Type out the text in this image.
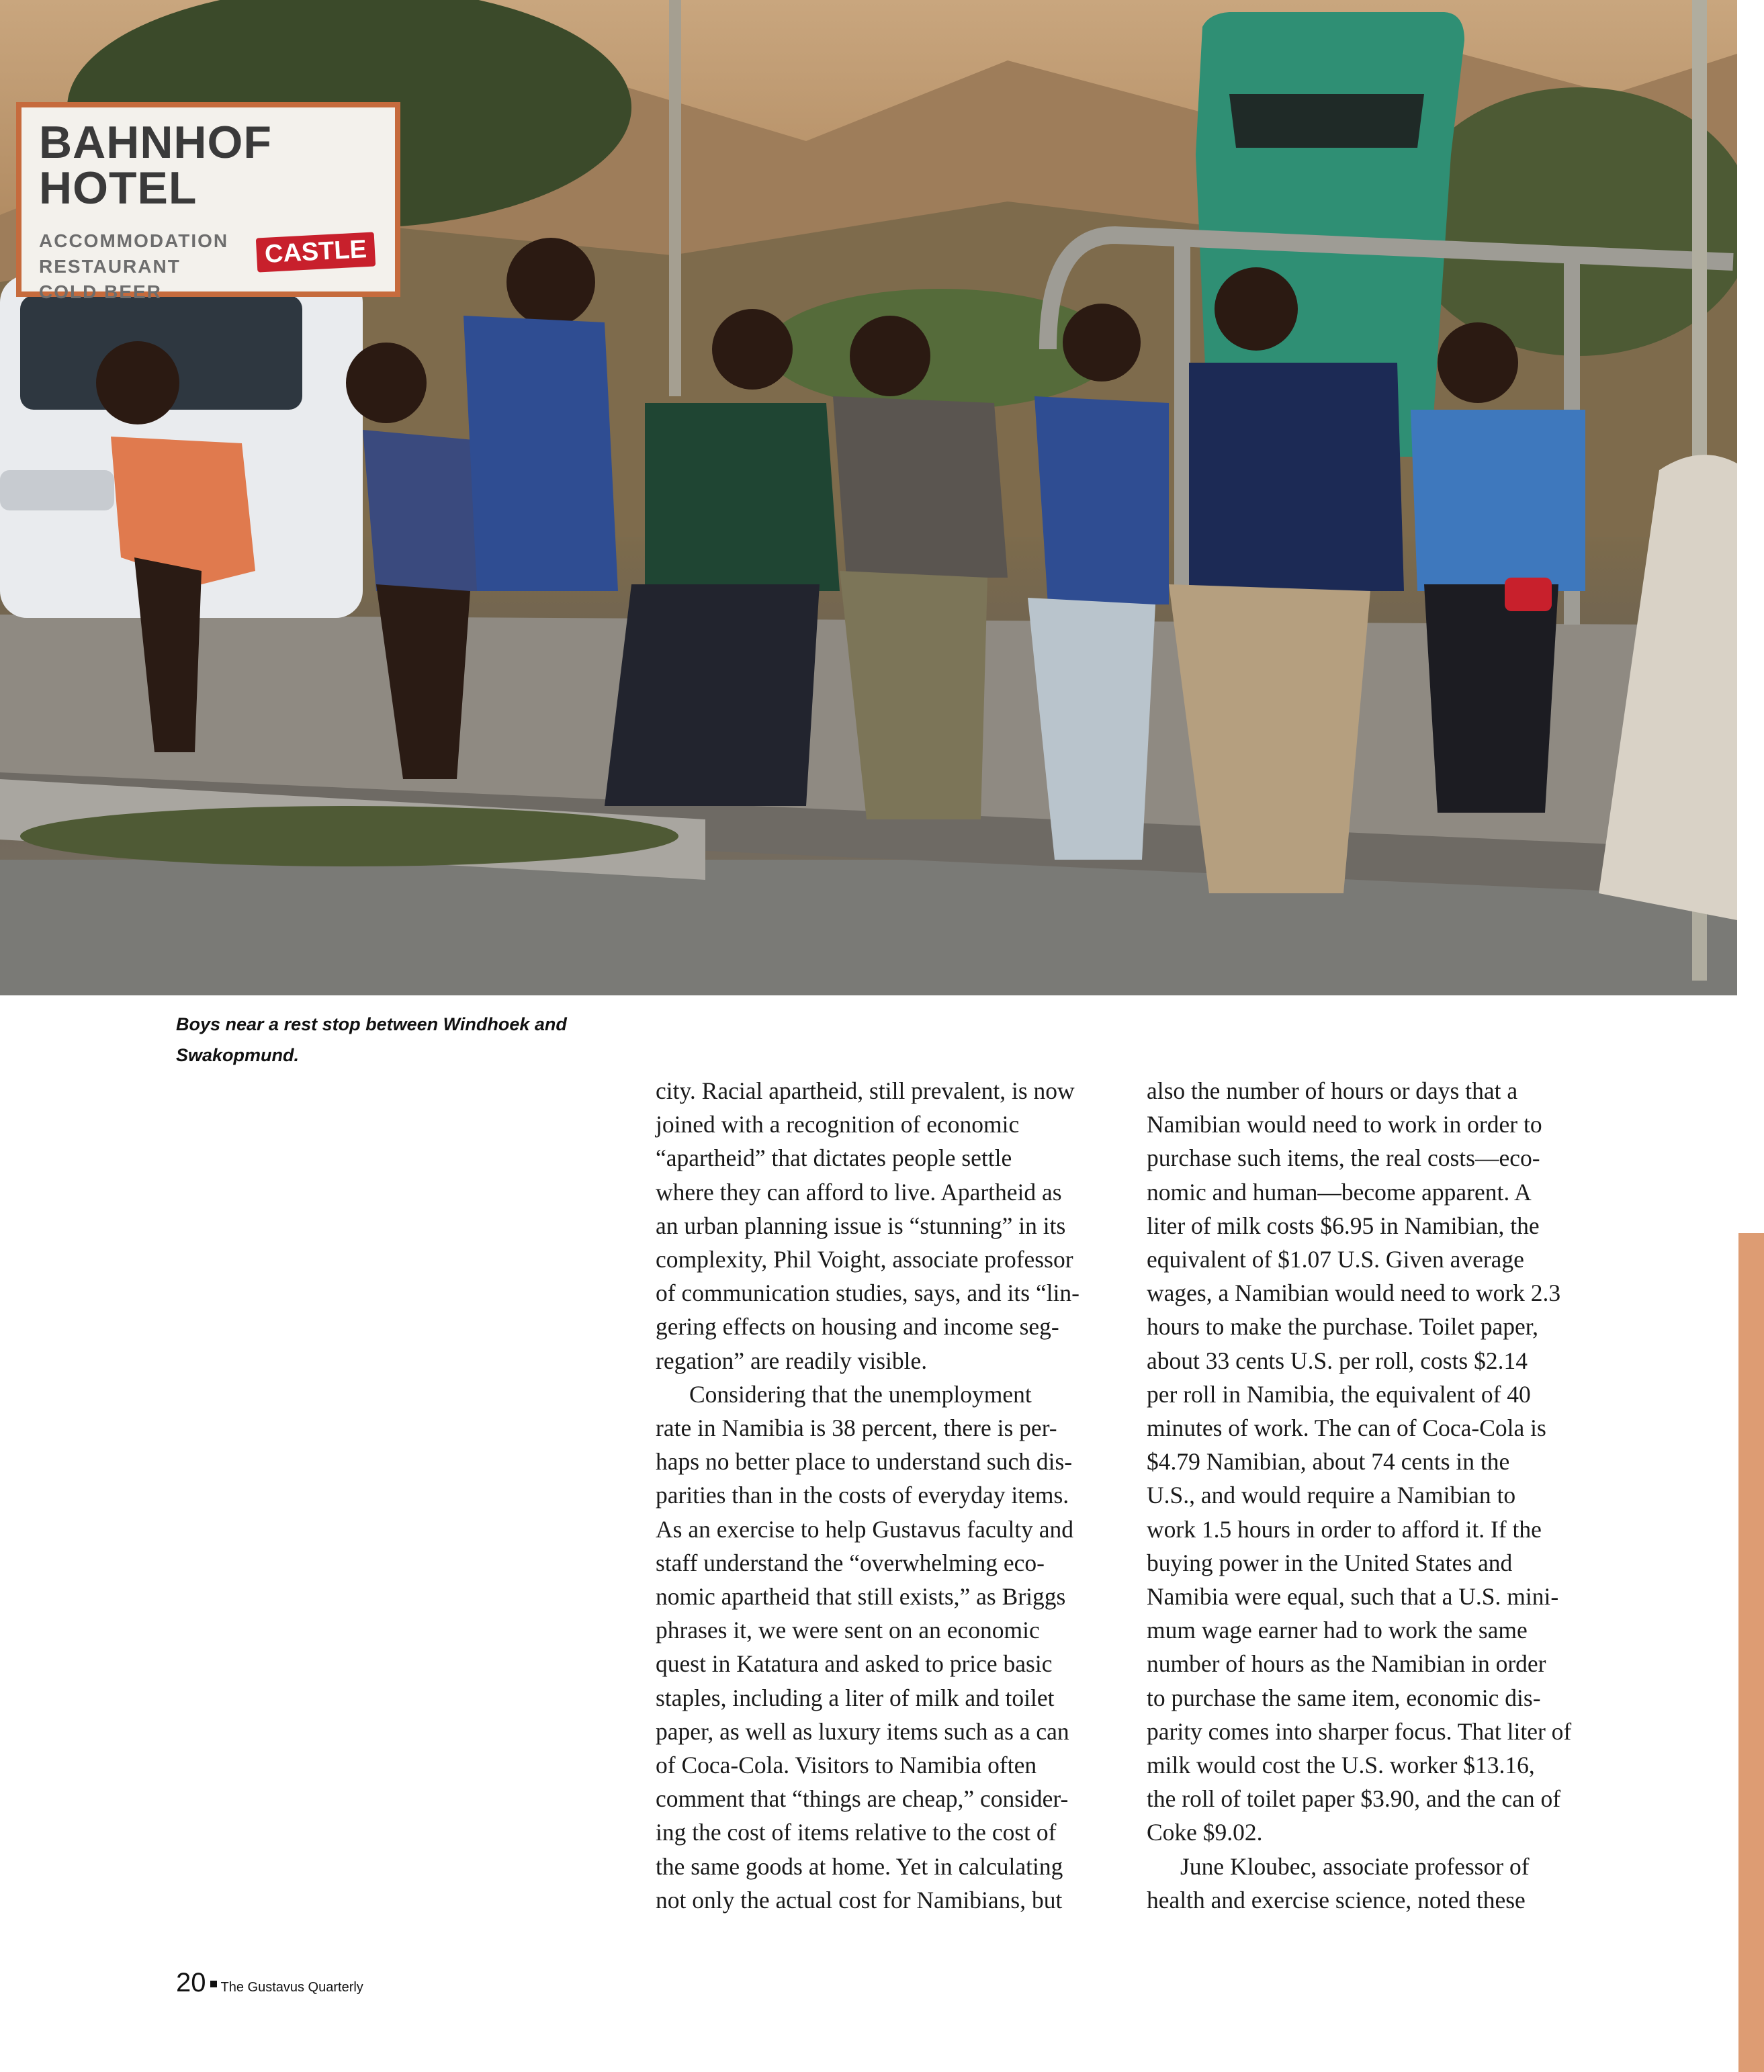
BAHNHOF HOTEL
ACCOMMODATION
RESTAURANT
COLD BEER
CASTLE

Boys near a rest stop between Windhoek and
Swakopmund.

city. Racial apartheid, still prevalent, is now
joined with a recognition of economic
“apartheid” that dictates people settle
where they can afford to live. Apartheid as
an urban planning issue is “stunning” in its
complexity, Phil Voight, associate professor
of communication studies, says, and its “lin-
gering effects on housing and income seg-
regation” are readily visible.
Considering that the unemployment
rate in Namibia is 38 percent, there is per-
haps no better place to understand such dis-
parities than in the costs of everyday items.
As an exercise to help Gustavus faculty and
staff understand the “overwhelming eco-
nomic apartheid that still exists,” as Briggs
phrases it, we were sent on an economic
quest in Katatura and asked to price basic
staples, including a liter of milk and toilet
paper, as well as luxury items such as a can
of Coca-Cola. Visitors to Namibia often
comment that “things are cheap,” consider-
ing the cost of items relative to the cost of
the same goods at home. Yet in calculating
not only the actual cost for Namibians, but
also the number of hours or days that a
Namibian would need to work in order to
purchase such items, the real costs—eco-
nomic and human—become apparent. A
liter of milk costs $6.95 in Namibian, the
equivalent of $1.07 U.S. Given average
wages, a Namibian would need to work 2.3
hours to make the purchase. Toilet paper,
about 33 cents U.S. per roll, costs $2.14
per roll in Namibia, the equivalent of 40
minutes of work. The can of Coca-Cola is
$4.79 Namibian, about 74 cents in the
U.S., and would require a Namibian to
work 1.5 hours in order to afford it. If the
buying power in the United States and
Namibia were equal, such that a U.S. mini-
mum wage earner had to work the same
number of hours as the Namibian in order
to purchase the same item, economic dis-
parity comes into sharper focus. That liter of
milk would cost the U.S. worker $13.16,
the roll of toilet paper $3.90, and the can of
Coke $9.02.
June Kloubec, associate professor of
health and exercise science, noted these
20 The Gustavus Quarterly
